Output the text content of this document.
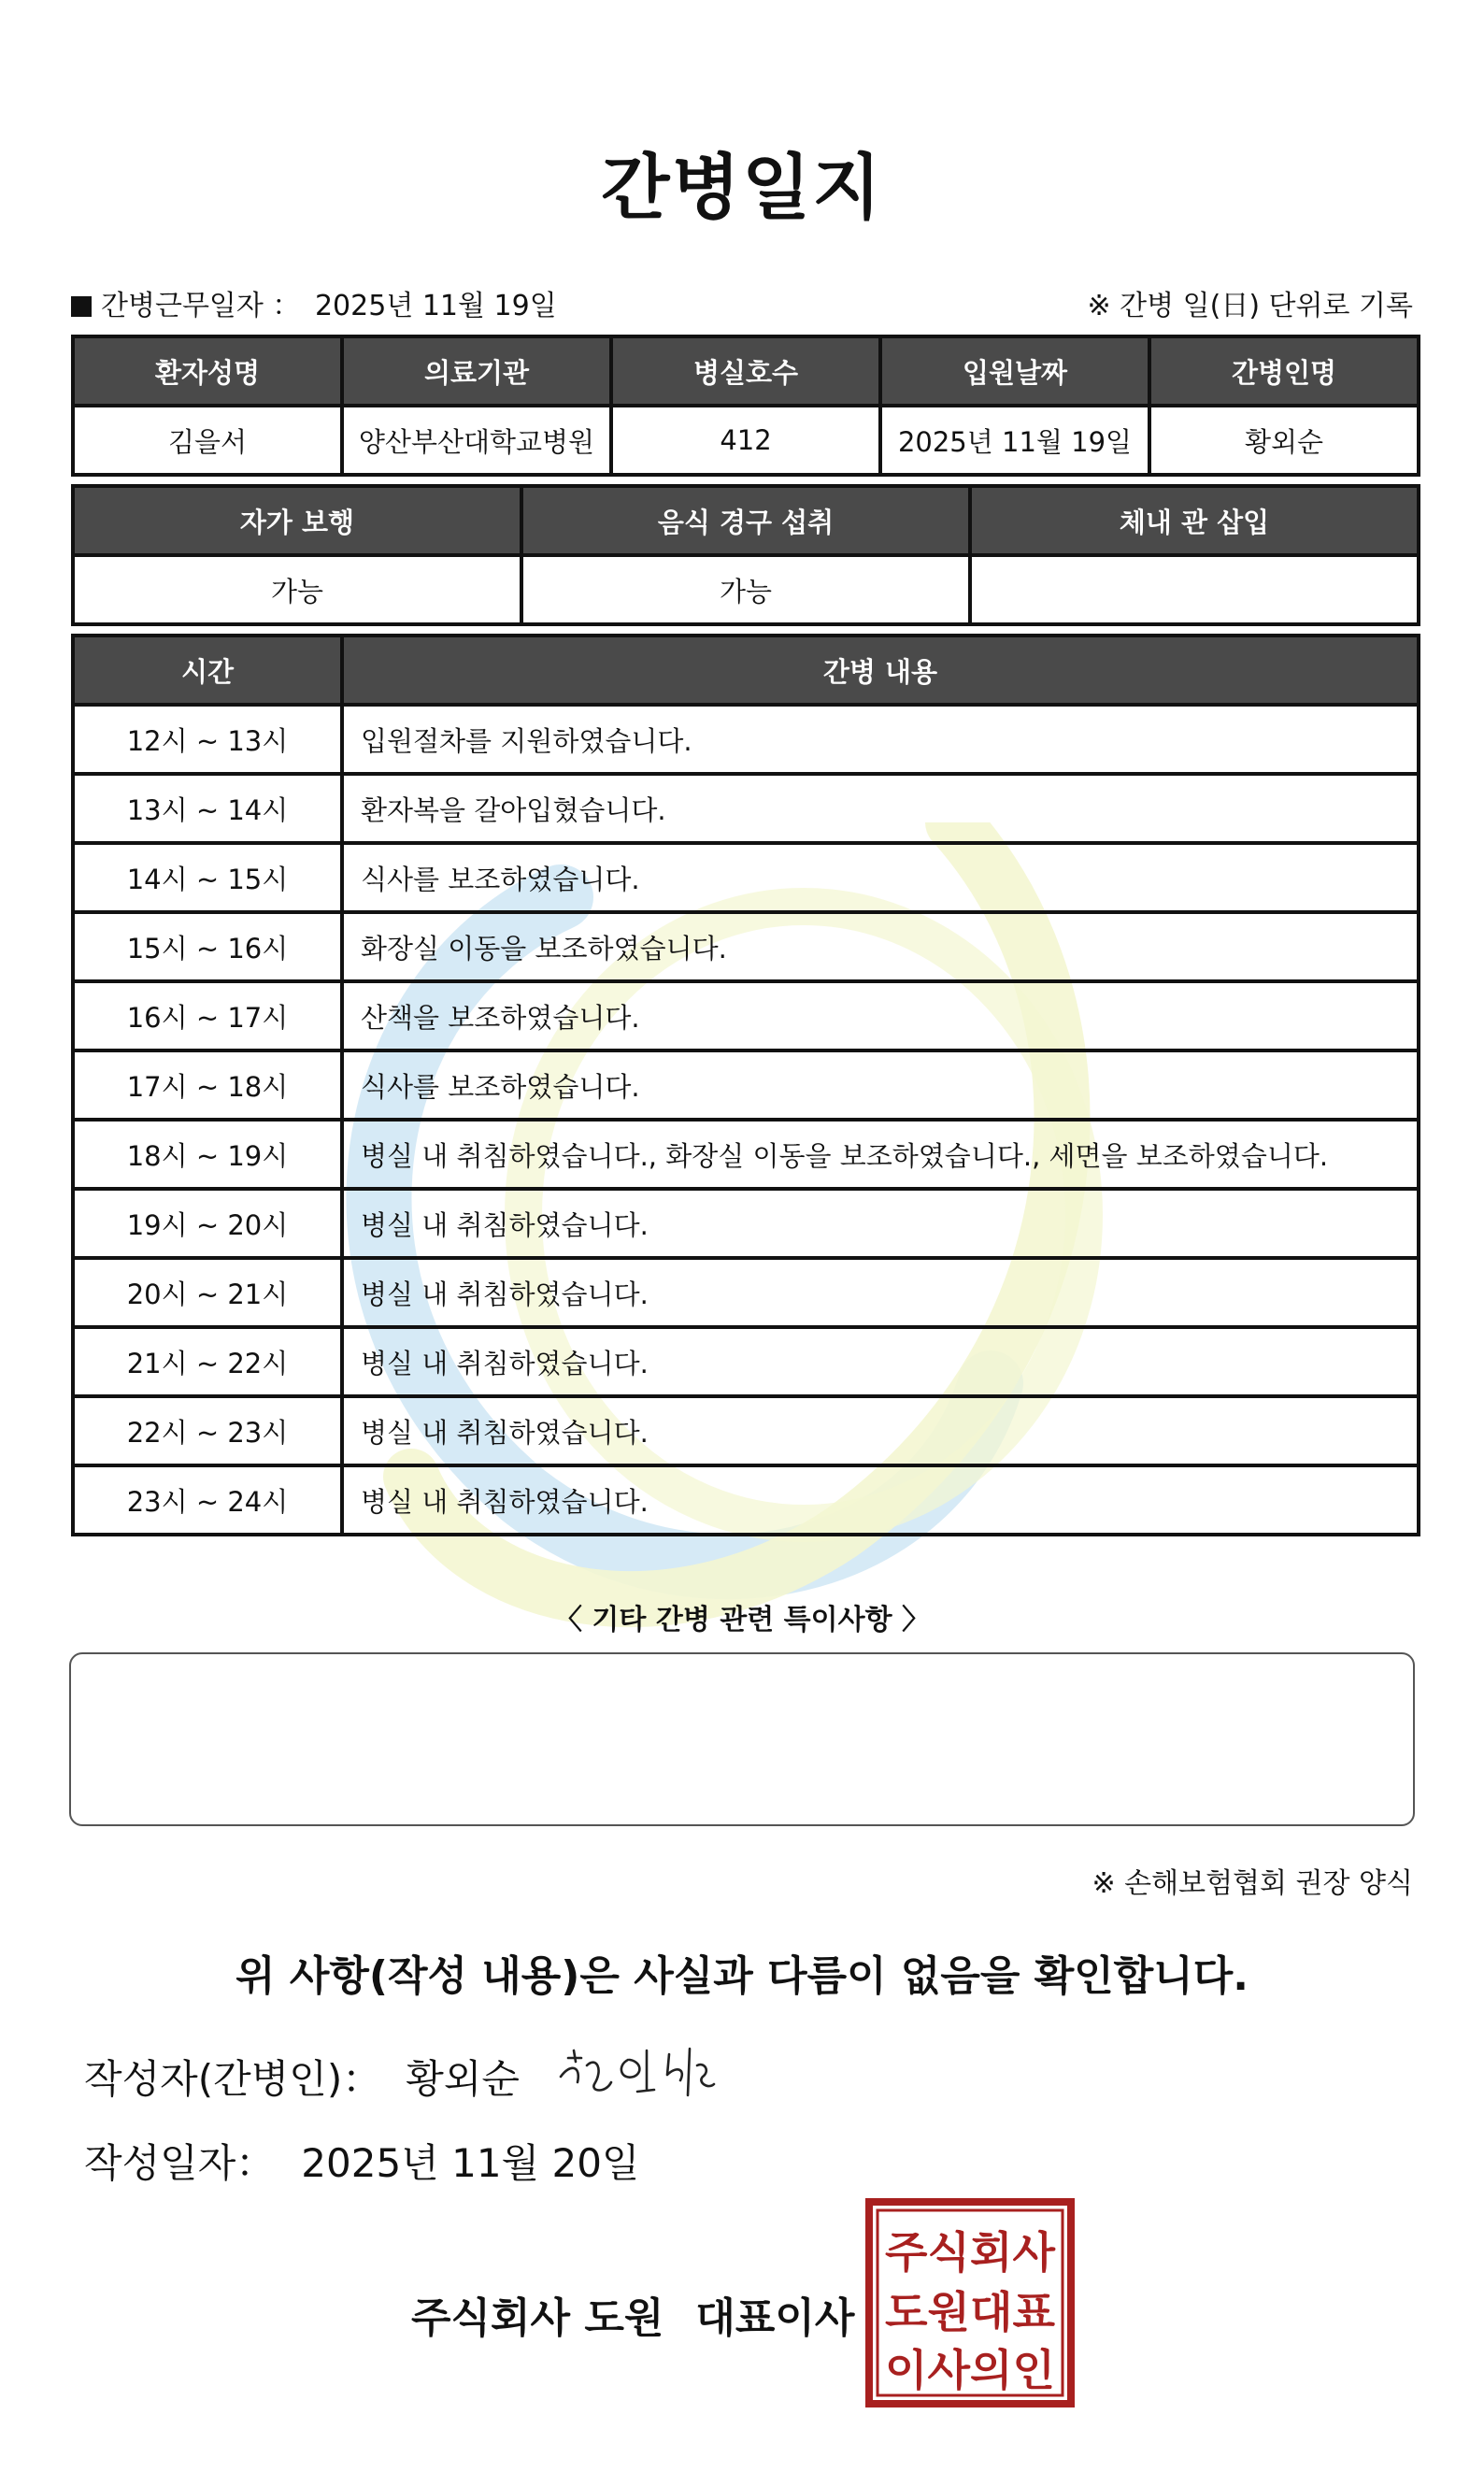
간병일지
간병근무일자 ： 2025년 11월 19일	※ 간병 일(日) 단위로 기록
환자성명	의료기관	병실호수	입원날짜	간병인명
김을서	양산부산대학교병원	412	2025년 11월 19일	황외순
자가 보행	음식 경구 섭취	체내 관 삽입
가능	가능	
시간	간병 내용
12시 ~ 13시	입원절차를 지원하였습니다.
13시 ~ 14시	환자복을 갈아입혔습니다.
14시 ~ 15시	식사를 보조하였습니다.
15시 ~ 16시	화장실 이동을 보조하였습니다.
16시 ~ 17시	산책을 보조하였습니다.
17시 ~ 18시	식사를 보조하였습니다.
18시 ~ 19시	병실 내 취침하였습니다., 화장실 이동을 보조하였습니다., 세면을 보조하였습니다.
19시 ~ 20시	병실 내 취침하였습니다.
20시 ~ 21시	병실 내 취침하였습니다.
21시 ~ 22시	병실 내 취침하였습니다.
22시 ~ 23시	병실 내 취침하였습니다.
23시 ~ 24시	병실 내 취침하였습니다.
〈 기타 간병 관련 특이사항 〉
※ 손해보험협회 권장 양식
위 사항(작성 내용)은 사실과 다름이 없음을 확인합니다.
작성자(간병인)： 황외순
작성일자： 2025년 11월 20일
주식회사 도원 대표이사
주식회사
도원대표
이사의인
